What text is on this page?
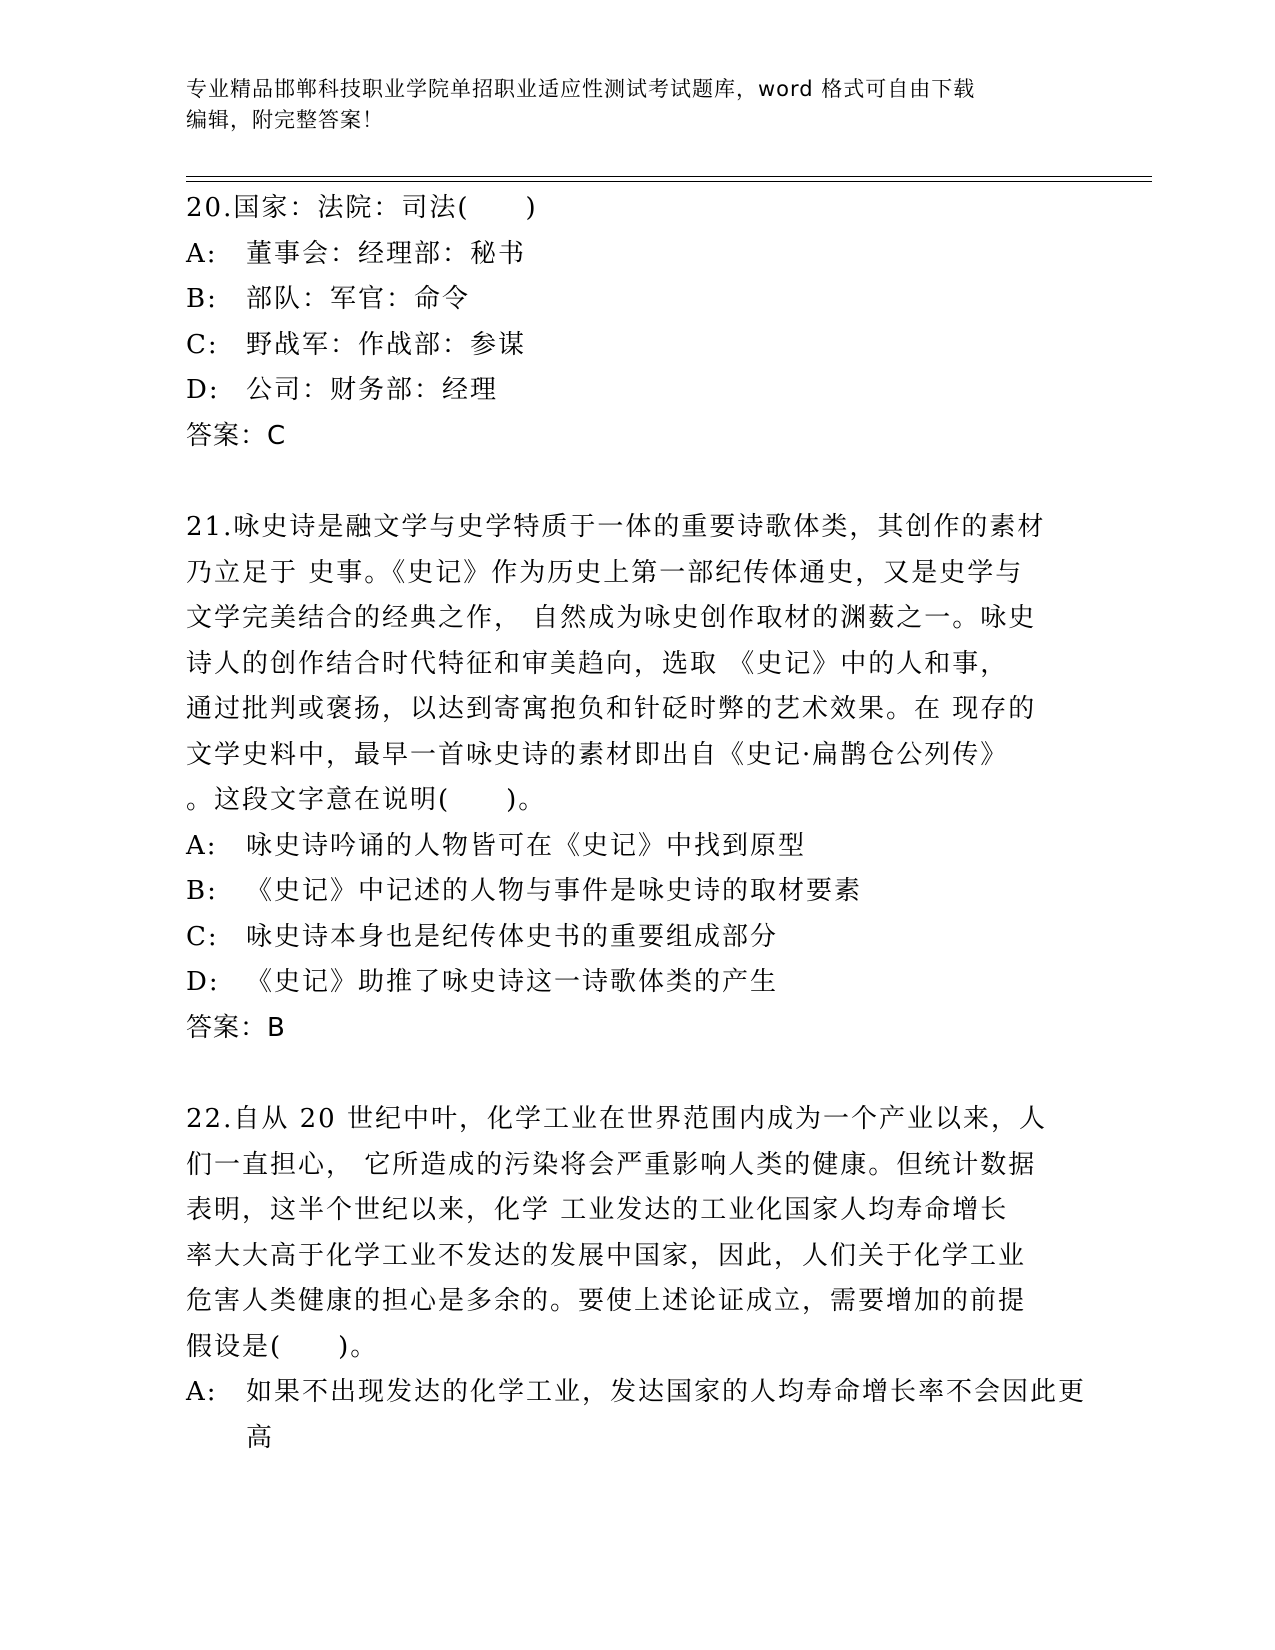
专业精品邯郸科技职业学院单招职业适应性测试考试题库，word 格式可自由下载
编辑，附完整答案！

20.国家：法院：司法(　　)

A:	董事会：经理部：秘书

B:	部队：军官：命令

C:	野战军：作战部：参谋

D:	公司：财务部：经理

答案：C

21.咏史诗是融文学与史学特质于一体的重要诗歌体类，其创作的素材

乃立足于 史事。《史记》作为历史上第一部纪传体通史，又是史学与

文学完美结合的经典之作， 自然成为咏史创作取材的渊薮之一。咏史

诗人的创作结合时代特征和审美趋向，选取 《史记》中的人和事，

通过批判或褒扬，以达到寄寓抱负和针砭时弊的艺术效果。在 现存的

文学史料中，最早一首咏史诗的素材即出自《史记·扁鹊仓公列传》

。这段文字意在说明(　　)。

A:	咏史诗吟诵的人物皆可在《史记》中找到原型

B:	《史记》中记述的人物与事件是咏史诗的取材要素

C:	咏史诗本身也是纪传体史书的重要组成部分

D:	《史记》助推了咏史诗这一诗歌体类的产生

答案：B

22.自从 20 世纪中叶，化学工业在世界范围内成为一个产业以来，人

们一直担心， 它所造成的污染将会严重影响人类的健康。但统计数据

表明，这半个世纪以来，化学 工业发达的工业化国家人均寿命增长

率大大高于化学工业不发达的发展中国家，因此，人们关于化学工业

危害人类健康的担心是多余的。要使上述论证成立，需要增加的前提

假设是(　　)。

A:	如果不出现发达的化学工业，发达国家的人均寿命增长率不会因此更高
